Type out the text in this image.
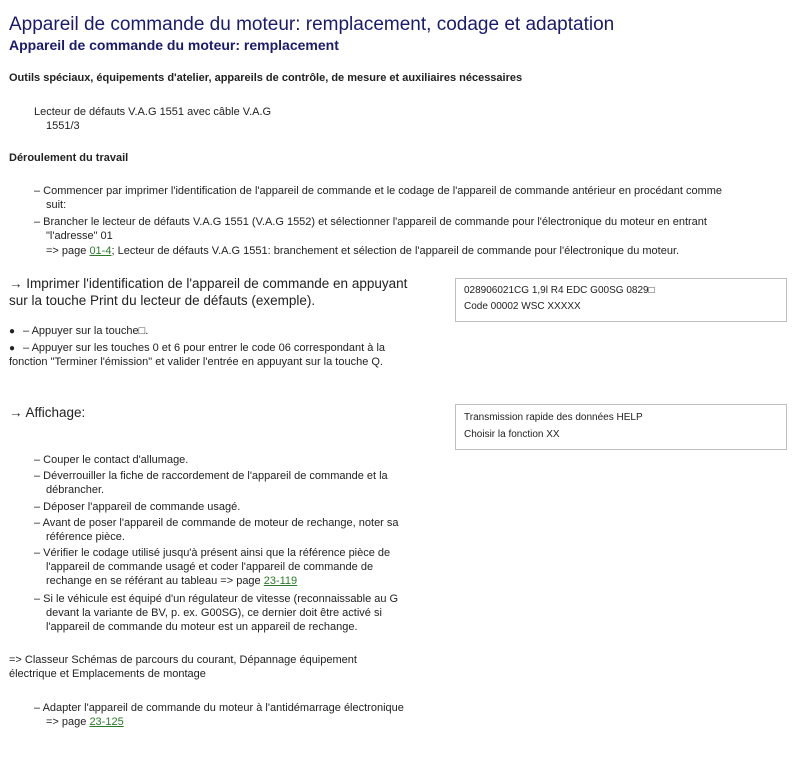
Appareil de commande du moteur: remplacement, codage et adaptation
Appareil de commande du moteur: remplacement
Outils spéciaux, équipements d'atelier, appareils de contrôle, de mesure et auxiliaires nécessaires
Lecteur de défauts V.A.G 1551 avec câble V.A.G
1551/3
Déroulement du travail
– Commencer par imprimer l'identification de l'appareil de commande et le codage de l'appareil de commande antérieur en procédant comme
suit:
– Brancher le lecteur de défauts V.A.G 1551 (V.A.G 1552) et sélectionner l'appareil de commande pour l'électronique du moteur en entrant
"l'adresse" 01
=> page 01-4; Lecteur de défauts V.A.G 1551: branchement et sélection de l'appareil de commande pour l'électronique du moteur.
→ Imprimer l'identification de l'appareil de commande en appuyant
sur la touche Print du lecteur de défauts (exemple).
028906021CG 1,9l R4 EDC G00SG 0829□
Code 00002 WSC XXXXX
● – Appuyer sur la touche□.
● – Appuyer sur les touches 0 et 6 pour entrer le code 06 correspondant à la
fonction "Terminer l'émission" et valider l'entrée en appuyant sur la touche Q.
→ Affichage:	Transmission rapide des données HELP
Choisir la fonction XX
– Couper le contact d'allumage.
– Déverrouiller la fiche de raccordement de l'appareil de commande et la
débrancher.
– Déposer l'appareil de commande usagé.
– Avant de poser l'appareil de commande de moteur de rechange, noter sa
référence pièce.
– Vérifier le codage utilisé jusqu'à présent ainsi que la référence pièce de
l'appareil de commande usagé et coder l'appareil de commande de
rechange en se référant au tableau => page 23-119
– Si le véhicule est équipé d'un régulateur de vitesse (reconnaissable au G
devant la variante de BV, p. ex. G00SG), ce dernier doit être activé si
l'appareil de commande du moteur est un appareil de rechange.
=> Classeur Schémas de parcours du courant, Dépannage équipement
électrique et Emplacements de montage
– Adapter l'appareil de commande du moteur à l'antidémarrage électronique
=> page 23-125
